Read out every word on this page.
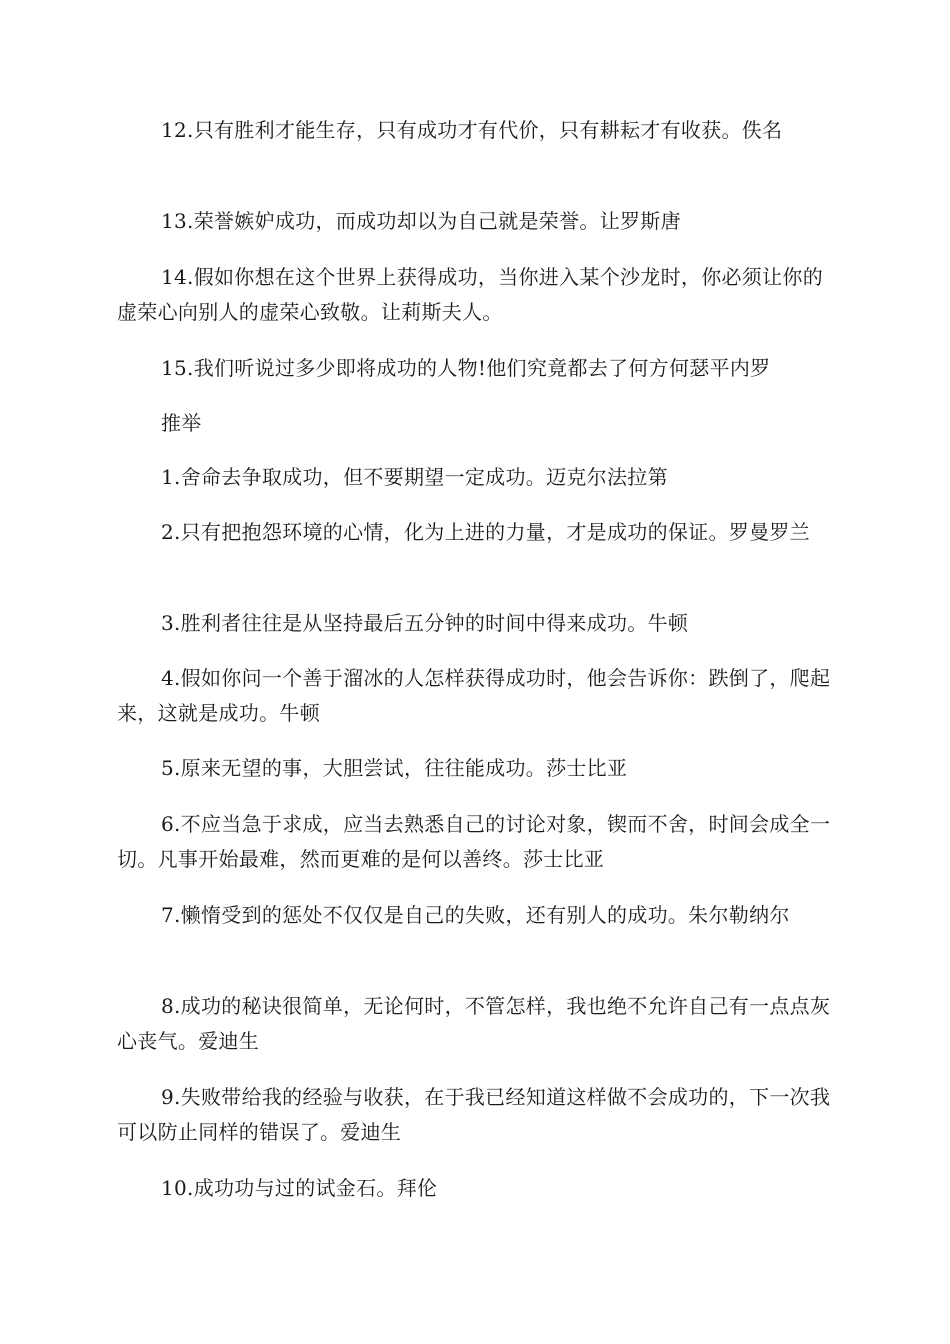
12.只有胜利才能生存，只有成功才有代价，只有耕耘才有收获。佚名

13.荣誉嫉妒成功，而成功却以为自己就是荣誉。让罗斯唐

14.假如你想在这个世界上获得成功，当你进入某个沙龙时，你必须让你的虚荣心向别人的虚荣心致敬。让莉斯夫人。

15.我们听说过多少即将成功的人物!他们究竟都去了何方何瑟平内罗

推举

1.舍命去争取成功，但不要期望一定成功。迈克尔法拉第

2.只有把抱怨环境的心情，化为上进的力量，才是成功的保证。罗曼罗兰

3.胜利者往往是从坚持最后五分钟的时间中得来成功。牛顿

4.假如你问一个善于溜冰的人怎样获得成功时，他会告诉你：跌倒了，爬起来，这就是成功。牛顿

5.原来无望的事，大胆尝试，往往能成功。莎士比亚

6.不应当急于求成，应当去熟悉自己的讨论对象，锲而不舍，时间会成全一切。凡事开始最难，然而更难的是何以善终。莎士比亚

7.懒惰受到的惩处不仅仅是自己的失败，还有别人的成功。朱尔勒纳尔

8.成功的秘诀很简单，无论何时，不管怎样，我也绝不允许自己有一点点灰心丧气。爱迪生

9.失败带给我的经验与收获，在于我已经知道这样做不会成功的，下一次我可以防止同样的错误了。爱迪生

10.成功功与过的试金石。拜伦
